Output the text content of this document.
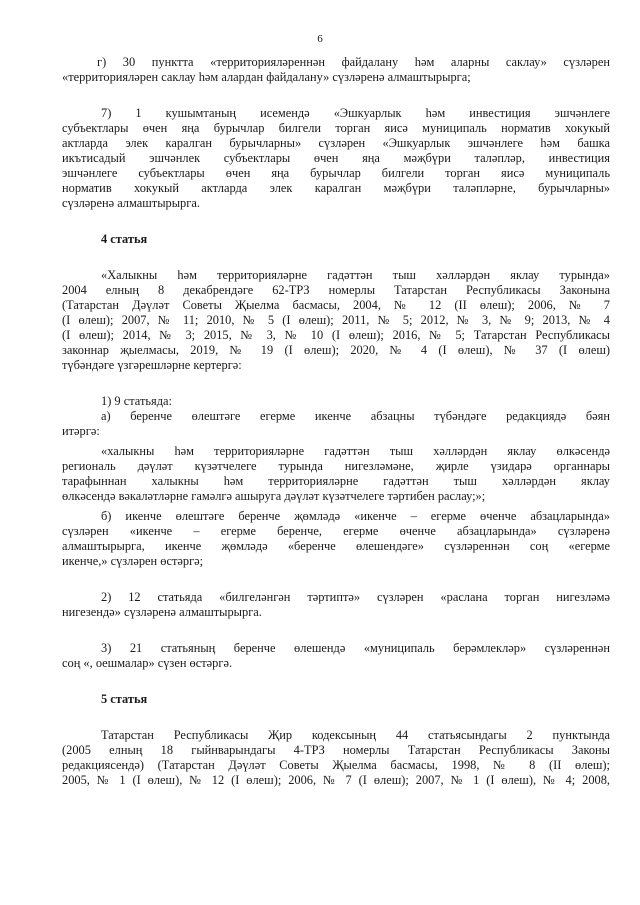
6
г) 30 пунктта «территорияләреннән файдалану һәм аларны саклау» сүзләрен
«территорияләрен саклау һәм алардан файдалану» сүзләренә алмаштырырга;
7) 1 кушымтаның исемендә «Эшкуарлык һәм инвестиция эшчәнлеге
субъектлары өчен яңа бурычлар билгели торган яисә муниципаль норматив хокукый
актларда элек каралган бурычларны» сүзләрен «Эшкуарлык эшчәнлеге һәм башка
икътисадый эшчәнлек субъектлары өчен яңа мәҗбүри таләпләр, инвестиция
эшчәнлеге субъектлары өчен яңа бурычлар билгели торган яисә муниципаль
норматив хокукый актларда элек каралган мәҗбүри таләпләрне, бурычларны»
сүзләренә алмаштырырга.
4 статья
«Халыкны һәм территорияләрне гадәттән тыш хәлләрдән яклау турында»
2004 елның 8 декабрендәге 62-ТРЗ номерлы Татарстан Республикасы Законына
(Татарстан Дәүләт Советы Җыелма басмасы, 2004, № 12 (II өлеш); 2006, № 7
(I өлеш); 2007, № 11; 2010, № 5 (I өлеш); 2011, № 5; 2012, № 3, № 9; 2013, № 4
(I өлеш); 2014, № 3; 2015, № 3, № 10 (I өлеш); 2016, № 5; Татарстан Республикасы
законнар җыелмасы, 2019, № 19 (I өлеш); 2020, № 4 (I өлеш), № 37 (I өлеш)
түбәндәге үзгәрешләрне кертергә:
1) 9 статьяда:
а) беренче өлештәге егерме икенче абзацны түбәндәге редакциядә бәян
итәргә:
«халыкны һәм территорияләрне гадәттән тыш хәлләрдән яклау өлкәсендә
региональ дәүләт күзәтчелеге турында нигезләмәне, җирле үзидарә органнары
тарафыннан халыкны һәм территорияләрне гадәттән тыш хәлләрдән яклау
өлкәсендә вәкаләтләрне гамәлгә ашыруга дәүләт күзәтчелеге тәртибен раслау;»;
б) икенче өлештәге беренче җөмләдә «икенче – егерме өченче абзацларында»
сүзләрен «икенче – егерме беренче, егерме өченче абзацларында» сүзләренә
алмаштырырга, икенче җөмләдә «беренче өлешендәге» сүзләреннән соң «егерме
икенче,» сүзләрен өстәргә;
2) 12 статьяда «билгеләнгән тәртиптә» сүзләрен «раслана торган нигезләмә
нигезендә» сүзләренә алмаштырырга.
3) 21 статьяның беренче өлешендә «муниципаль берәмлекләр» сүзләреннән
соң «, оешмалар» сүзен өстәргә.
5 статья
Татарстан Республикасы Җир кодексының 44 статьясындагы 2 пунктында
(2005 елның 18 гыйнварындагы 4-ТРЗ номерлы Татарстан Республикасы Законы
редакциясендә) (Татарстан Дәүләт Советы Җыелма басмасы, 1998, № 8 (II өлеш);
2005, № 1 (I өлеш), № 12 (I өлеш); 2006, № 7 (I өлеш); 2007, № 1 (I өлеш), № 4; 2008,
